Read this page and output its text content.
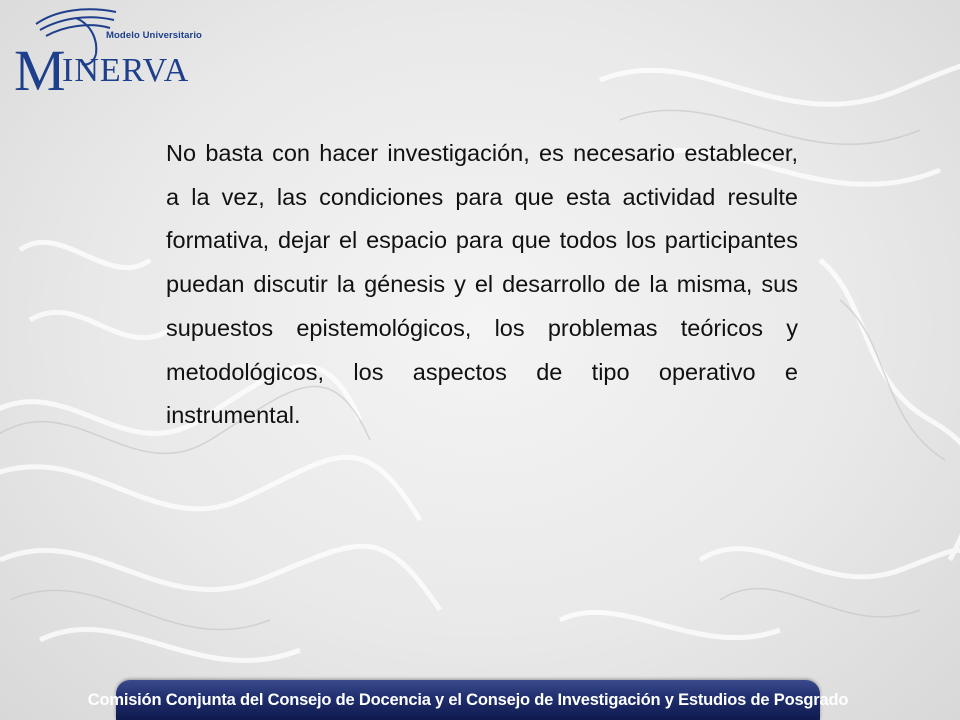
Modelo Universitario
M
INERVA

No basta con hacer investigación, es necesario establecer, a la vez, las condiciones para que esta actividad resulte formativa, dejar el espacio para que todos los participantes puedan discutir la génesis y el desarrollo de la misma, sus supuestos epistemológicos, los problemas teóricos y metodológicos, los aspectos de tipo operativo e instrumental.

Comisión Conjunta del Consejo de Docencia y el Consejo de Investigación y Estudios de Posgrado
